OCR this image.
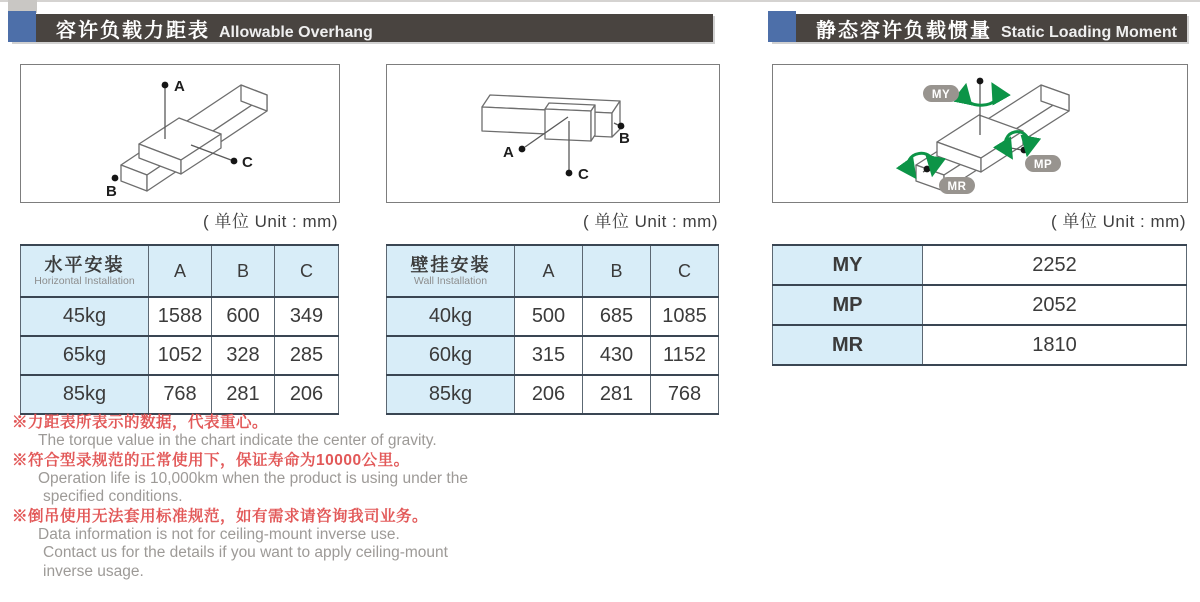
容许负载力距表 Allowable Overhang	静态容许负载惯量 Static Loading Moment
A
C
B
A
C
B
MY
MP
MR
( 单位 Unit : mm)	( 单位 Unit : mm)	( 单位 Unit : mm)
水平安装
Horizontal Installation	A	B	C
45kg	1588	600	349
65kg	1052	328	285
85kg	768	281	206
壁挂安装
Wall Installation	A	B	C
40kg	500	685	1085
60kg	315	430	1152
85kg	206	281	768
MY	2252
MP	2052
MR	1810
※力距表所表示的数据，代表重心。
The torque value in the chart indicate the center of gravity.
※符合型录规范的正常使用下，保证寿命为10000公里。
Operation life is 10,000km when the product is using under the
specified conditions.
※倒吊使用无法套用标准规范，如有需求请咨询我司业务。
Data information is not for ceiling-mount inverse use.
Contact us for the details if you want to apply ceiling-mount
inverse usage.
